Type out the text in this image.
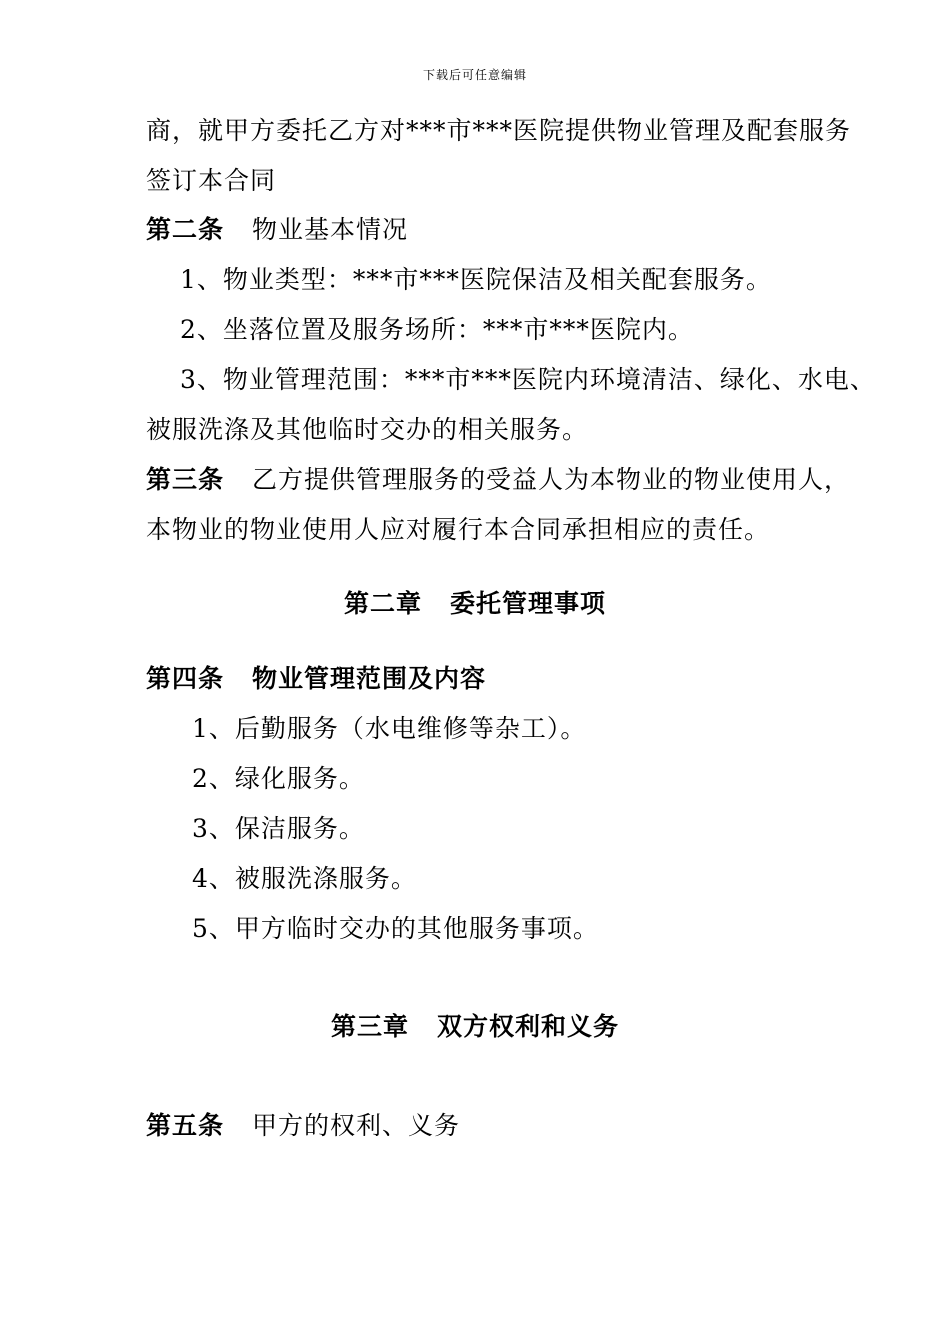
下载后可任意编辑
商，就甲方委托乙方对***市***医院提供物业管理及配套服务
签订本合同
第二条 物业基本情况
1、物业类型：***市***医院保洁及相关配套服务。
2、坐落位置及服务场所：***市***医院内。
3、物业管理范围：***市***医院内环境清洁、绿化、水电、
被服洗涤及其他临时交办的相关服务。
第三条 乙方提供管理服务的受益人为本物业的物业使用人，
本物业的物业使用人应对履行本合同承担相应的责任。
第二章 委托管理事项
第四条 物业管理范围及内容
1、后勤服务（水电维修等杂工）。
2、绿化服务。
3、保洁服务。
4、被服洗涤服务。
5、甲方临时交办的其他服务事项。
第三章 双方权利和义务
第五条 甲方的权利、义务
